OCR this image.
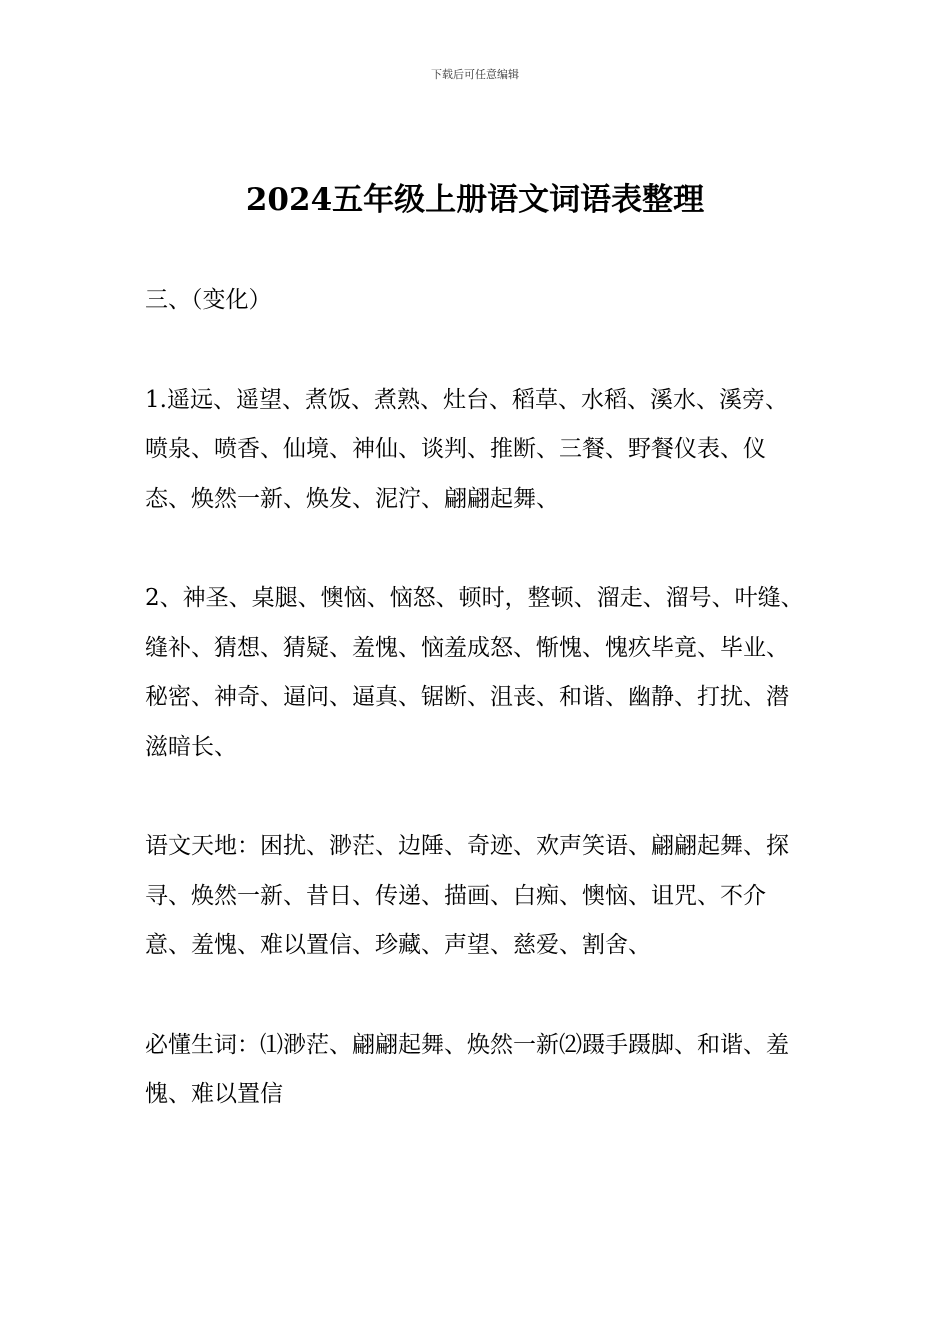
下载后可任意编辑
2024五年级上册语文词语表整理

三、（变化）

1.遥远、遥望、煮饭、煮熟、灶台、稻草、水稻、溪水、溪旁、喷泉、喷香、仙境、神仙、谈判、推断、三餐、野餐仪表、仪态、焕然一新、焕发、泥泞、翩翩起舞、

2、神圣、桌腿、懊恼、恼怒、顿时，整顿、溜走、溜号、叶缝、缝补、猜想、猜疑、羞愧、恼羞成怒、惭愧、愧疚毕竟、毕业、秘密、神奇、逼问、逼真、锯断、沮丧、和谐、幽静、打扰、潜滋暗长、

语文天地：困扰、渺茫、边陲、奇迹、欢声笑语、翩翩起舞、探寻、焕然一新、昔日、传递、描画、白痴、懊恼、诅咒、不介意、羞愧、难以置信、珍藏、声望、慈爱、割舍、

必懂生词：⑴渺茫、翩翩起舞、焕然一新⑵蹑手蹑脚、和谐、羞愧、难以置信
